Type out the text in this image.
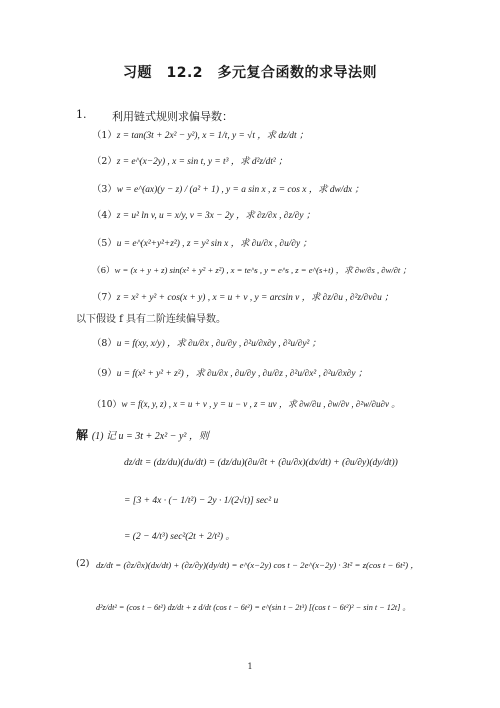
习题　12.2　多元复合函数的求导法则
1. 利用链式规则求偏导数：
（1）z = tan(3t + 2x² − y²), x = 1/t, y = √t ，求 dz/dt ；
（2）z = e^(x−2y) , x = sin t, y = t³ ，求 d²z/dt² ；
（3）w = e^(ax)(y − z) / (a² + 1) , y = a sin x , z = cos x ，求 dw/dx ；
（4）z = u² ln v, u = x/y, v = 3x − 2y ，求 ∂z/∂x , ∂z/∂y ；
（5）u = e^(x²+y²+z²) , z = y² sin x ，求 ∂u/∂x , ∂u/∂y ；
（6）w = (x + y + z) sin(x² + y² + z²) , x = te^s , y = e^s , z = e^(s+t) ，求 ∂w/∂s , ∂w/∂t ；
（7）z = x² + y² + cos(x + y) , x = u + v , y = arcsin v ，求 ∂z/∂u , ∂²z/∂v∂u ；
以下假设 f 具有二阶连续偏导数。
（8）u = f(xy, x/y) ，求 ∂u/∂x , ∂u/∂y , ∂²u/∂x∂y , ∂²u/∂y² ；
（9）u = f(x² + y² + z²) ，求 ∂u/∂x , ∂u/∂y , ∂u/∂z , ∂²u/∂x² , ∂²u/∂x∂y ；
（10）w = f(x, y, z) , x = u + v , y = u − v , z = uv ，求 ∂w/∂u , ∂w/∂v , ∂²w/∂u∂v 。
解 (1) 记 u = 3t + 2x² − y² ，则
dz/dt = (dz/du)(du/dt) = (dz/du)(∂u/∂t + (∂u/∂x)(dx/dt) + (∂u/∂y)(dy/dt))
= [3 + 4x · (− 1/t²) − 2y · 1/(2√t)] sec² u
= (2 − 4/t³) sec²(2t + 2/t²) 。
(2) dz/dt = (∂z/∂x)(dx/dt) + (∂z/∂y)(dy/dt) = e^(x−2y) cos t − 2e^(x−2y) · 3t² = z(cos t − 6t²) ，
d²z/dt² = (cos t − 6t²) dz/dt + z d/dt (cos t − 6t²) = e^(sin t − 2t³) [(cos t − 6t²)² − sin t − 12t] 。
1
